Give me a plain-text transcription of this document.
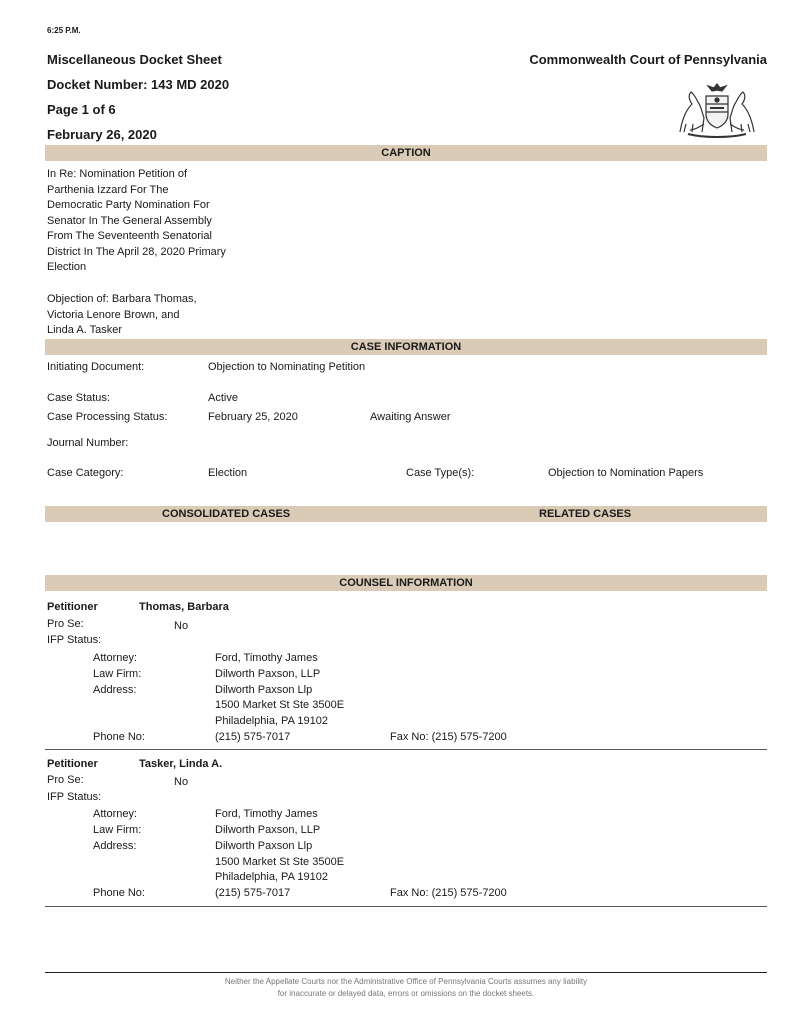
6:25 P.M.
Miscellaneous Docket Sheet
Docket Number: 143 MD 2020
Page 1 of 6
February 26, 2020
Commonwealth Court of Pennsylvania
CAPTION
In Re: Nomination Petition of
Parthenia Izzard For The
Democratic Party Nomination For
Senator In The General Assembly
From The Seventeenth Senatorial
District In The April 28, 2020 Primary
Election
Objection of: Barbara Thomas,
Victoria Lenore Brown, and
Linda A. Tasker
CASE INFORMATION
Initiating Document:	Objection to Nominating Petition
Case Status:	Active
Case Processing Status:	February 25, 2020	Awaiting Answer
Journal Number:
Case Category:	Election	Case Type(s):	Objection to Nomination Papers
CONSOLIDATED CASES	RELATED CASES
COUNSEL INFORMATION
Petitioner	Thomas, Barbara
Pro Se:	No
IFP Status:
Attorney:	Ford, Timothy James
Law Firm:	Dilworth Paxson, LLP
Address:	Dilworth Paxson Llp
1500 Market St Ste 3500E
Philadelphia, PA 19102
Phone No:	(215) 575-7017	Fax No: (215) 575-7200
Petitioner	Tasker, Linda A.
Pro Se:	No
IFP Status:
Attorney:	Ford, Timothy James
Law Firm:	Dilworth Paxson, LLP
Address:	Dilworth Paxson Llp
1500 Market St Ste 3500E
Philadelphia, PA 19102
Phone No:	(215) 575-7017	Fax No: (215) 575-7200
Neither the Appellate Courts nor the Administrative Office of Pennsylvania Courts assumes any liability
for inaccurate or delayed data, errors or omissions on the docket sheets.
